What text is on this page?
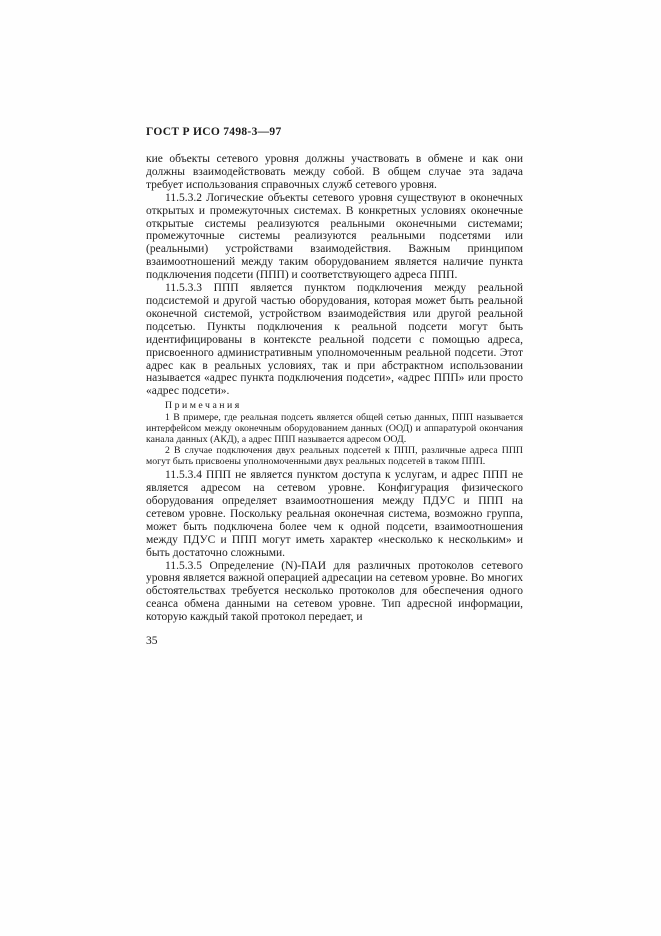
ГОСТ Р ИСО 7498-3—97

кие объекты сетевого уровня должны участвовать в обмене и как они должны взаимодействовать между собой. В общем случае эта задача требует использования справочных служб сетевого уровня.

11.5.3.2 Логические объекты сетевого уровня существуют в оконечных открытых и промежуточных системах. В конкретных условиях оконечные открытые системы реализуются реальными оконечными системами; промежуточные системы реализуются реальными подсетями или (реальными) устройствами взаимодействия. Важным принципом взаимоотношений между таким оборудованием является наличие пункта подключения подсети (ППП) и соответствующего адреса ППП.

11.5.3.3 ППП является пунктом подключения между реальной подсистемой и другой частью оборудования, которая может быть реальной оконечной системой, устройством взаимодействия или другой реальной подсетью. Пункты подключения к реальной подсети могут быть идентифицированы в контексте реальной подсети с помощью адреса, присвоенного административным уполномоченным реальной подсети. Этот адрес как в реальных условиях, так и при абстрактном использовании называется «адрес пункта подключения подсети», «адрес ППП» или просто «адрес подсети».

Примечания

1 В примере, где реальная подсеть является общей сетью данных, ППП называется интерфейсом между оконечным оборудованием данных (ООД) и аппаратурой окончания канала данных (АКД), а адрес ППП называется адресом ООД.

2 В случае подключения двух реальных подсетей к ППП, различные адреса ППП могут быть присвоены уполномоченными двух реальных подсетей в таком ППП.

11.5.3.4 ППП не является пунктом доступа к услугам, и адрес ППП не является адресом на сетевом уровне. Конфигурация физического оборудования определяет взаимоотношения между ПДУС и ППП на сетевом уровне. Поскольку реальная оконечная система, возможно группа, может быть подключена более чем к одной подсети, взаимоотношения между ПДУС и ППП могут иметь характер «несколько к нескольким» и быть достаточно сложными.

11.5.3.5 Определение (N)-ПАИ для различных протоколов сетевого уровня является важной операцией адресации на сетевом уровне. Во многих обстоятельствах требуется несколько протоколов для обеспечения одного сеанса обмена данными на сетевом уровне. Тип адресной информации, которую каждый такой протокол передает, и

35
